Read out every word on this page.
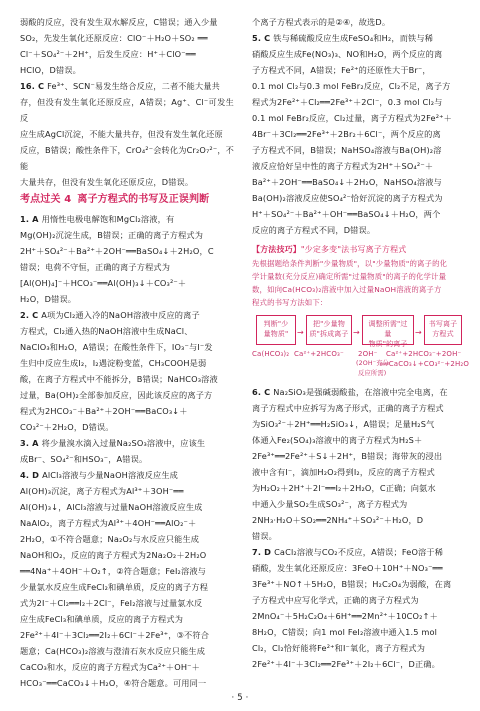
弱酸的反应，没有发生双水解反应，C错误；通入少量
SO₂，先发生氧化还原反应：ClO⁻＋H₂O＋SO₂ ══
Cl⁻＋SO₄²⁻＋2H⁺，后发生反应：H⁺＋ClO⁻══
HClO，D错误。
16. C Fe³⁺、SCN⁻易发生络合反应，二者不能大量共
存，但没有发生氧化还原反应，A错误；Ag⁺、Cl⁻可发生反
应生成AgCl沉淀，不能大量共存，但没有发生氧化还原
反应，B错误；酸性条件下，CrO₄²⁻会转化为Cr₂O₇²⁻，不能
大量共存，但没有发生氧化还原反应，D错误。
考点过关 4 离子方程式的书写及正误判断
1. A 用惰性电极电解饱和MgCl₂溶液，有
Mg(OH)₂沉淀生成，B错误；正确的离子方程式为
2H⁺＋SO₄²⁻＋Ba²⁺＋2OH⁻══BaSO₄↓＋2H₂O，C
错误；电荷不守恒，正确的离子方程式为
[Al(OH)₄]⁻＋HCO₃⁻══Al(OH)₃↓＋CO₃²⁻＋
H₂O，D错误。
2. C A项为Cl₂通入冷的NaOH溶液中反应的离子
方程式，Cl₂通入热的NaOH溶液中生成NaCl、
NaClO₃和H₂O，A错误；在酸性条件下，IO₃⁻与I⁻发
生归中反应生成I₂，I₂遇淀粉变蓝，CH₃COOH是弱
酸，在离子方程式中不能拆分，B错误；NaHCO₃溶液
过量，Ba(OH)₂全部参加反应，因此该反应的离子方
程式为2HCO₃⁻＋Ba²⁺＋2OH⁻══BaCO₃↓＋
CO₃²⁻＋2H₂O，D错误。
3. A 将少量溴水滴入过量Na₂SO₃溶液中，应该生
成Br⁻、SO₄²⁻和HSO₃⁻，A错误。
4. D AlCl₃溶液与少量NaOH溶液反应生成
Al(OH)₃沉淀，离子方程式为Al³⁺＋3OH⁻══
Al(OH)₃↓，AlCl₃溶液与过量NaOH溶液反应生成
NaAlO₂，离子方程式为Al³⁺＋4OH⁻══AlO₂⁻＋
2H₂O，①不符合题意；Na₂O₂与水反应只能生成
NaOH和O₂，反应的离子方程式为2Na₂O₂＋2H₂O
══4Na⁺＋4OH⁻＋O₂↑，②符合题意；FeI₂溶液与
少量氯水反应生成FeCl₂和碘单质，反应的离子方程
式为2I⁻＋Cl₂══I₂＋2Cl⁻，FeI₂溶液与过量氯水反
应生成FeCl₃和碘单质，反应的离子方程式为
2Fe²⁺＋4I⁻＋3Cl₂══2I₂＋6Cl⁻＋2Fe³⁺，③不符合
题意；Ca(HCO₃)₂溶液与澄清石灰水反应只能生成
CaCO₃和水，反应的离子方程式为Ca²⁺＋OH⁻＋
HCO₃⁻══CaCO₃↓＋H₂O，④符合题意。可用同一
个离子方程式表示的是②④，故选D。
5. C 铁与稀硫酸反应生成FeSO₄和H₂，而铁与稀
硝酸反应生成Fe(NO₃)₃、NO和H₂O，两个反应的离
子方程式不同，A错误；Fe²⁺的还原性大于Br⁻，
0.1 mol Cl₂与0.3 mol FeBr₂反应，Cl₂不足，离子方
程式为2Fe²⁺＋Cl₂══2Fe³⁺＋2Cl⁻，0.3 mol Cl₂与
0.1 mol FeBr₂反应，Cl₂过量，离子方程式为2Fe²⁺＋
4Br⁻＋3Cl₂══2Fe³⁺＋2Br₂＋6Cl⁻，两个反应的离
子方程式不同，B错误；NaHSO₄溶液与Ba(OH)₂溶
液反应恰好呈中性的离子方程式为2H⁺＋SO₄²⁻＋
Ba²⁺＋2OH⁻══BaSO₄↓＋2H₂O，NaHSO₄溶液与
Ba(OH)₂溶液反应使SO₄²⁻恰好沉淀的离子方程式为
H⁺＋SO₄²⁻＋Ba²⁺＋OH⁻══BaSO₄↓＋H₂O，两个
反应的离子方程式不同，D错误。
【方法技巧】"少定多变"法书写离子方程式
先根据题给条件判断"少量物质"，以"少量物质"的离子的化
学计量数(充分反应)确定所需"过量物质"的离子的化学计量
数，如向Ca(HCO₃)₂溶液中加入过量NaOH溶液的离子方
程式的书写方法如下：
判断"少
量物质"	→
把"少量物
质"拆成离子 →
调整所需"过量
物质"的离子
→
书写离子
方程式
Ca(HCO₃)₂ Ca²⁺+2HCO₃⁻ 2OH⁻ Ca²⁺+2HCO₃⁻+2OH⁻
══CaCO₃↓+CO₃²⁻+2H₂O
(2OH⁻充分
反应所需)
6. C Na₂SiO₃是强碱弱酸盐，在溶液中完全电离，在
离子方程式中应拆写为离子形式，正确的离子方程式
为SiO₃²⁻＋2H⁺══H₂SiO₃↓，A错误；足量H₂S气
体通入Fe₂(SO₄)₃溶液中的离子方程式为H₂S＋
2Fe³⁺══2Fe²⁺＋S↓＋2H⁺，B错误；海带灰的浸出
液中含有I⁻，滴加H₂O₂得到I₂，反应的离子方程式
为H₂O₂＋2H⁺＋2I⁻══I₂＋2H₂O，C正确；向氨水
中通入少量SO₂生成SO₃²⁻，离子方程式为
2NH₃·H₂O＋SO₂══2NH₄⁺＋SO₃²⁻＋H₂O，D
错误。
7. D CaCl₂溶液与CO₂不反应，A错误；FeO溶于稀
硝酸，发生氧化还原反应：3FeO＋10H⁺＋NO₃⁻══
3Fe³⁺＋NO↑＋5H₂O，B错误；H₂C₂O₄为弱酸，在离
子方程式中应写化学式，正确的离子方程式为
2MnO₄⁻＋5H₂C₂O₄＋6H⁺══2Mn²⁺＋10CO₂↑＋
8H₂O，C错误；向1 mol FeI₂溶液中通入1.5 mol
Cl₂，Cl₂恰好能将Fe²⁺和I⁻氧化，离子方程式为
2Fe²⁺＋4I⁻＋3Cl₂══2Fe³⁺＋2I₂＋6Cl⁻，D正确。
· 5 ·
